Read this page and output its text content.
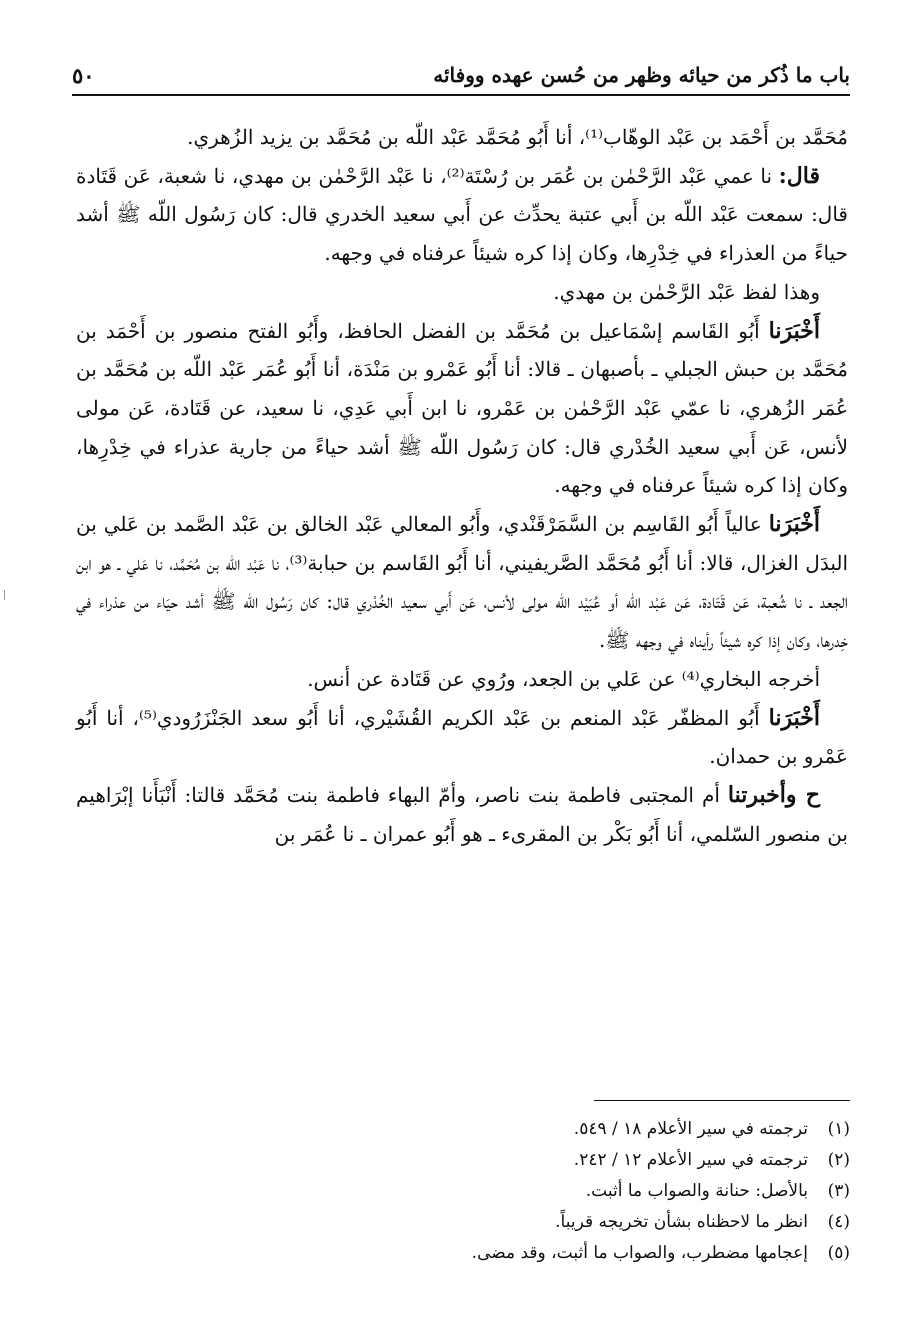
باب ما ذُكر من حيائه وظهر من حُسن عهده ووفائه
٥٠

مُحَمَّد بن أَحْمَد بن عَبْد الوهّاب⁽¹⁾، أنا أَبُو مُحَمَّد عَبْد اللّه بن مُحَمَّد بن يزيد الزُهري.

قال: نا عمي عَبْد الرَّحْمٰن بن عُمَر بن رُسْتَة⁽²⁾، نا عَبْد الرَّحْمٰن بن مهدي، نا شعبة، عَن قَتَادة قال: سمعت عَبْد اللّه بن أَبي عتبة يحدِّث عن أَبي سعيد الخدري قال: كان رَسُول اللّه ﷺ أشد حياءً من العذراء في خِدْرِها، وكان إذا كره شيئاً عرفناه في وجهه.

وهذا لفظ عَبْد الرَّحْمٰن بن مهدي.

أَخْبَرَنا أَبُو القَاسم إسْمَاعيل بن مُحَمَّد بن الفضل الحافظ، وأَبُو الفتح منصور بن أَحْمَد بن مُحَمَّد بن حبش الجبلي ـ بأصبهان ـ قالا: أنا أَبُو عَمْرو بن مَنْدَة، أنا أَبُو عُمَر عَبْد اللّه بن مُحَمَّد بن عُمَر الزُهري، نا عمّي عَبْد الرَّحْمٰن بن عَمْرو، نا ابن أَبي عَدِي، نا سعيد، عن قَتَادة، عَن مولى لأنس، عَن أَبي سعيد الخُدْري قال: كان رَسُول اللّه ﷺ أشد حياءً من جارية عذراء في خِدْرِها، وكان إذا كره شيئاً عرفناه في وجهه.

أَخْبَرَنا عالياً أَبُو القَاسِم بن السَّمَرْقَنْدي، وأَبُو المعالي عَبْد الخالق بن عَبْد الصَّمد بن عَلي بن البدَل الغزال، قالا: أنا أَبُو مُحَمَّد الصَّريفيني، أنا أَبُو القَاسم بن حبابة⁽³⁾، نا عَبْد اللّه بن مُحَمَّد، نا عَلي ـ هو ابن الجعد ـ نا شُعبة، عَن قَتَادة، عَن عَبْد اللّه أو عُبَيْد اللّه مولى لأنس، عَن أَبي سعيد الخُدْري قال: كان رَسُول اللّه ﷺ أشد حيَاء من عذراء في خِدرها، وكان إذا كره شيئاً رأيناه في وجهه ﷺ.

أخرجه البخاري⁽⁴⁾ عن عَلي بن الجعد، ورُوي عن قَتَادة عن أنس.

أَخْبَرَنا أَبُو المظفّر عَبْد المنعم بن عَبْد الكريم القُشَيْري، أنا أَبُو سعد الجَنْزَرُودي⁽⁵⁾، أنا أَبُو عَمْرو بن حمدان.

ح وأخبرتنا أم المجتبى فاطمة بنت ناصر، وأمّ البهاء فاطمة بنت مُحَمَّد قالتا: أَنْبَأَنا إبْرَاهيم بن منصور السّلمي، أنا أَبُو بَكْر بن المقرىء ـ هو أَبُو عمران ـ نا عُمَر بن

(١)
ترجمته في سير الأعلام ١٨ / ٥٤٩.
(٢)
ترجمته في سير الأعلام ١٢ / ٢٤٢.
(٣)
بالأصل: حنانة والصواب ما أثبت.
(٤)
انظر ما لاحظناه بشأن تخريجه قريباً.
(٥)
إعجامها مضطرب، والصواب ما أثبت، وقد مضى.
